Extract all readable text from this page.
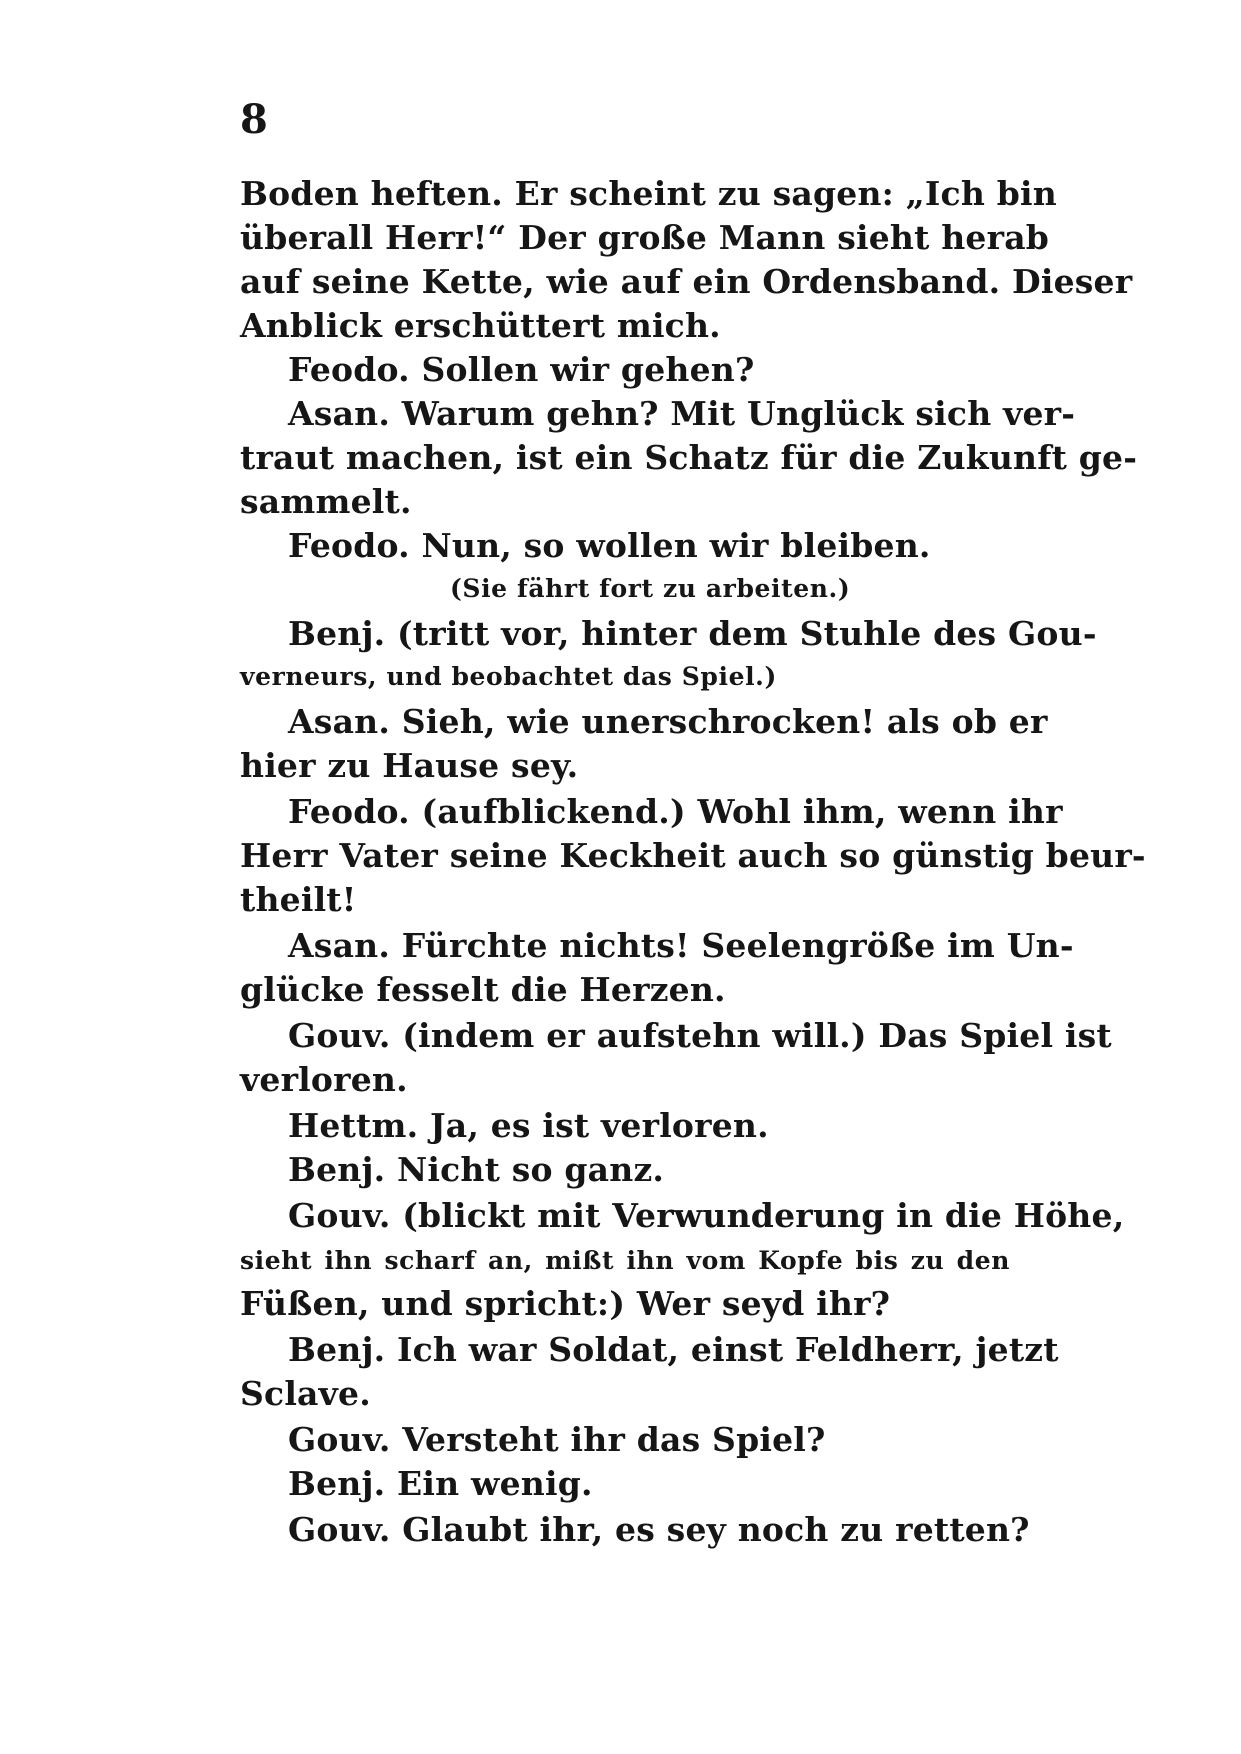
8
Boden heften. Er scheint zu sagen: „Ich bin
überall Herr!“ Der große Mann sieht herab
auf seine Kette, wie auf ein Ordensband. Dieser
Anblick erschüttert mich.
Feodo. Sollen wir gehen?
Asan. Warum gehn? Mit Unglück sich ver-
traut machen, ist ein Schatz für die Zukunft ge-
sammelt.
Feodo. Nun, so wollen wir bleiben.
(Sie fährt fort zu arbeiten.)
Benj. (tritt vor, hinter dem Stuhle des Gou-
verneurs, und beobachtet das Spiel.)
Asan. Sieh, wie unerschrocken! als ob er
hier zu Hause sey.
Feodo. (aufblickend.) Wohl ihm, wenn ihr
Herr Vater seine Keckheit auch so günstig beur-
theilt!
Asan. Fürchte nichts! Seelengröße im Un-
glücke fesselt die Herzen.
Gouv. (indem er aufstehn will.) Das Spiel ist
verloren.
Hettm. Ja, es ist verloren.
Benj. Nicht so ganz.
Gouv. (blickt mit Verwunderung in die Höhe,
sieht ihn scharf an, mißt ihn vom Kopfe bis zu den
Füßen, und spricht:) Wer seyd ihr?
Benj. Ich war Soldat, einst Feldherr, jetzt
Sclave.
Gouv. Versteht ihr das Spiel?
Benj. Ein wenig.
Gouv. Glaubt ihr, es sey noch zu retten?
